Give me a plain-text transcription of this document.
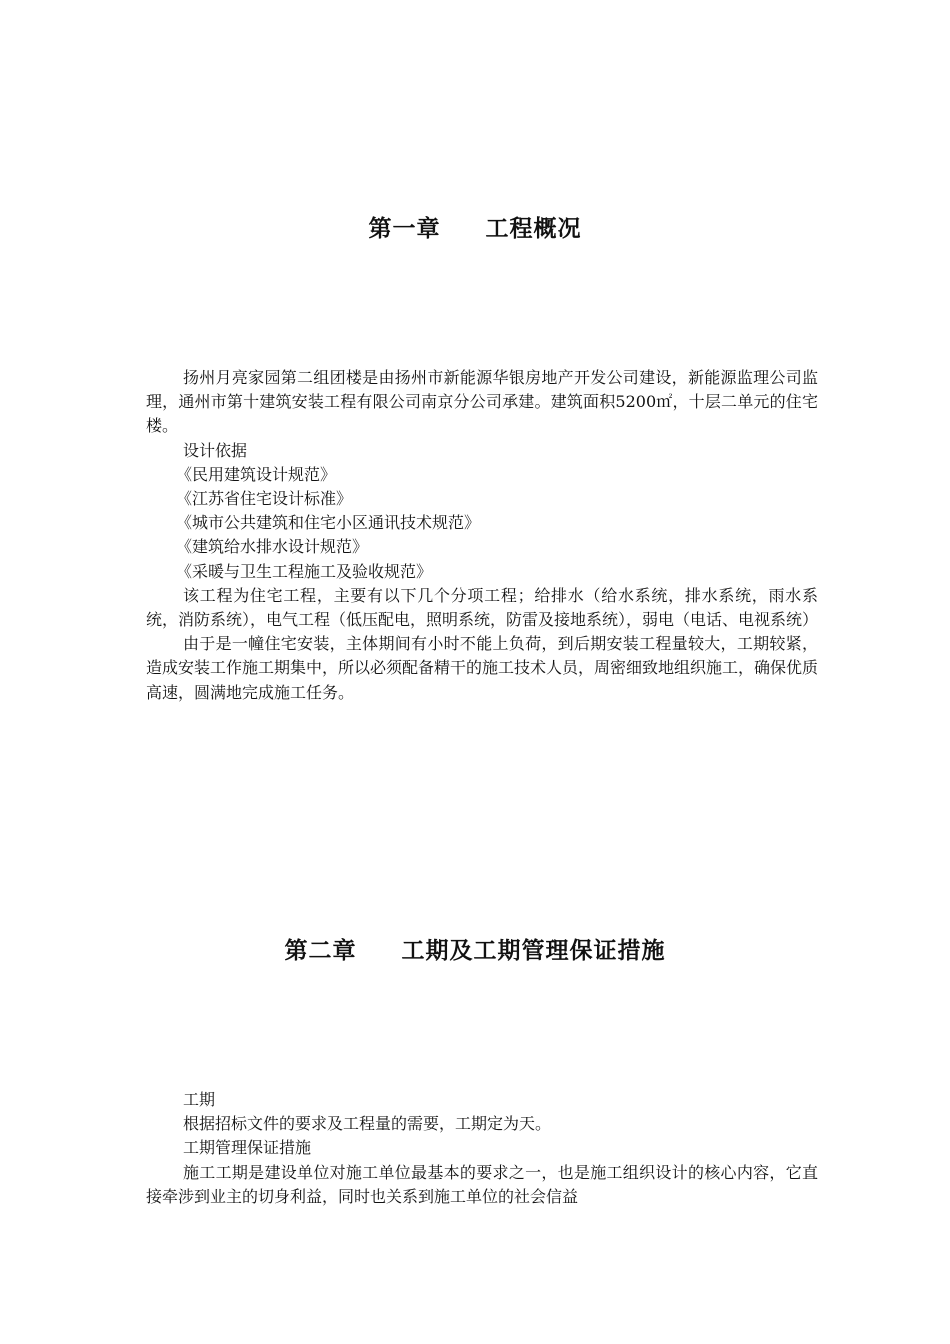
第一章     工程概况

扬州月亮家园第二组团楼是由扬州市新能源华银房地产开发公司建设，新能源监理公司监理，通州市第十建筑安装工程有限公司南京分公司承建。建筑面积5200㎡，十层二单元的住宅楼。

设计依据

《民用建筑设计规范》

《江苏省住宅设计标准》

《城市公共建筑和住宅小区通讯技术规范》

《建筑给水排水设计规范》

《采暖与卫生工程施工及验收规范》

该工程为住宅工程，主要有以下几个分项工程；给排水（给水系统，排水系统，雨水系统，消防系统），电气工程（低压配电，照明系统，防雷及接地系统），弱电（电话、电视系统）

由于是一幢住宅安装，主体期间有小时不能上负荷，到后期安装工程量较大，工期较紧，造成安装工作施工期集中，所以必须配备精干的施工技术人员，周密细致地组织施工，确保优质高速，圆满地完成施工任务。

第二章     工期及工期管理保证措施

工期

根据招标文件的要求及工程量的需要，工期定为天。

工期管理保证措施

施工工期是建设单位对施工单位最基本的要求之一，也是施工组织设计的核心内容，它直接牵涉到业主的切身利益，同时也关系到施工单位的社会信益
